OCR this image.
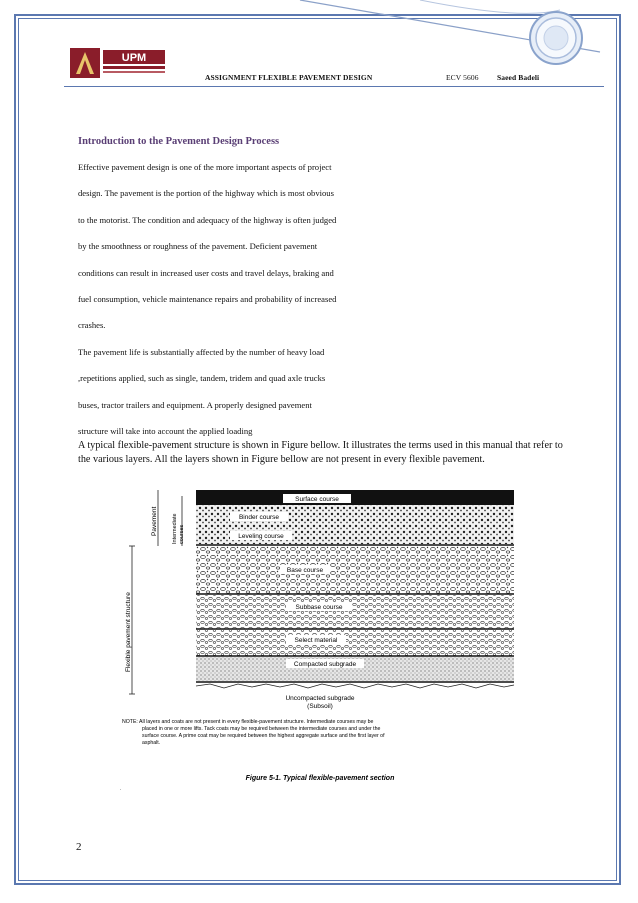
UPM
ASSIGNMENT FLEXIBLE PAVEMENT DESIGN	ECV 5606 Saeed Badeli
Introduction to the Pavement Design Process
Effective pavement design is one of the more important aspects of project
design. The pavement is the portion of the highway which is most obvious
to the motorist. The condition and adequacy of the highway is often judged
by the smoothness or roughness of the pavement. Deficient pavement
conditions can result in increased user costs and travel delays, braking and
fuel consumption, vehicle maintenance repairs and probability of increased
crashes.
The pavement life is substantially affected by the number of heavy load
,repetitions applied, such as single, tandem, tridem and quad axle trucks
buses, tractor trailers and equipment. A properly designed pavement
structure will take into account the applied loading

A typical flexible-pavement structure is shown in Figure bellow. It illustrates the terms used in this manual that refer to the various layers. All the layers shown in Figure bellow are not present in every flexible pavement.

Flexible pavement structure
Pavement	Intermediate courses
Surface course
Binder course
Leveling course
Base course
Subbase course
Select material
Compacted subgrade
Uncompacted subgrade
(Subsoil)
NOTE: All layers and coats are not present in every flexible-pavement structure. Intermediate courses may be
placed in one or more lifts. Tack coats may be required between the intermediate courses and under the
surface course. A prime coat may be required between the highest aggregate surface and the first layer of
asphalt.
Figure 5-1. Typical flexible-pavement section
.
2
